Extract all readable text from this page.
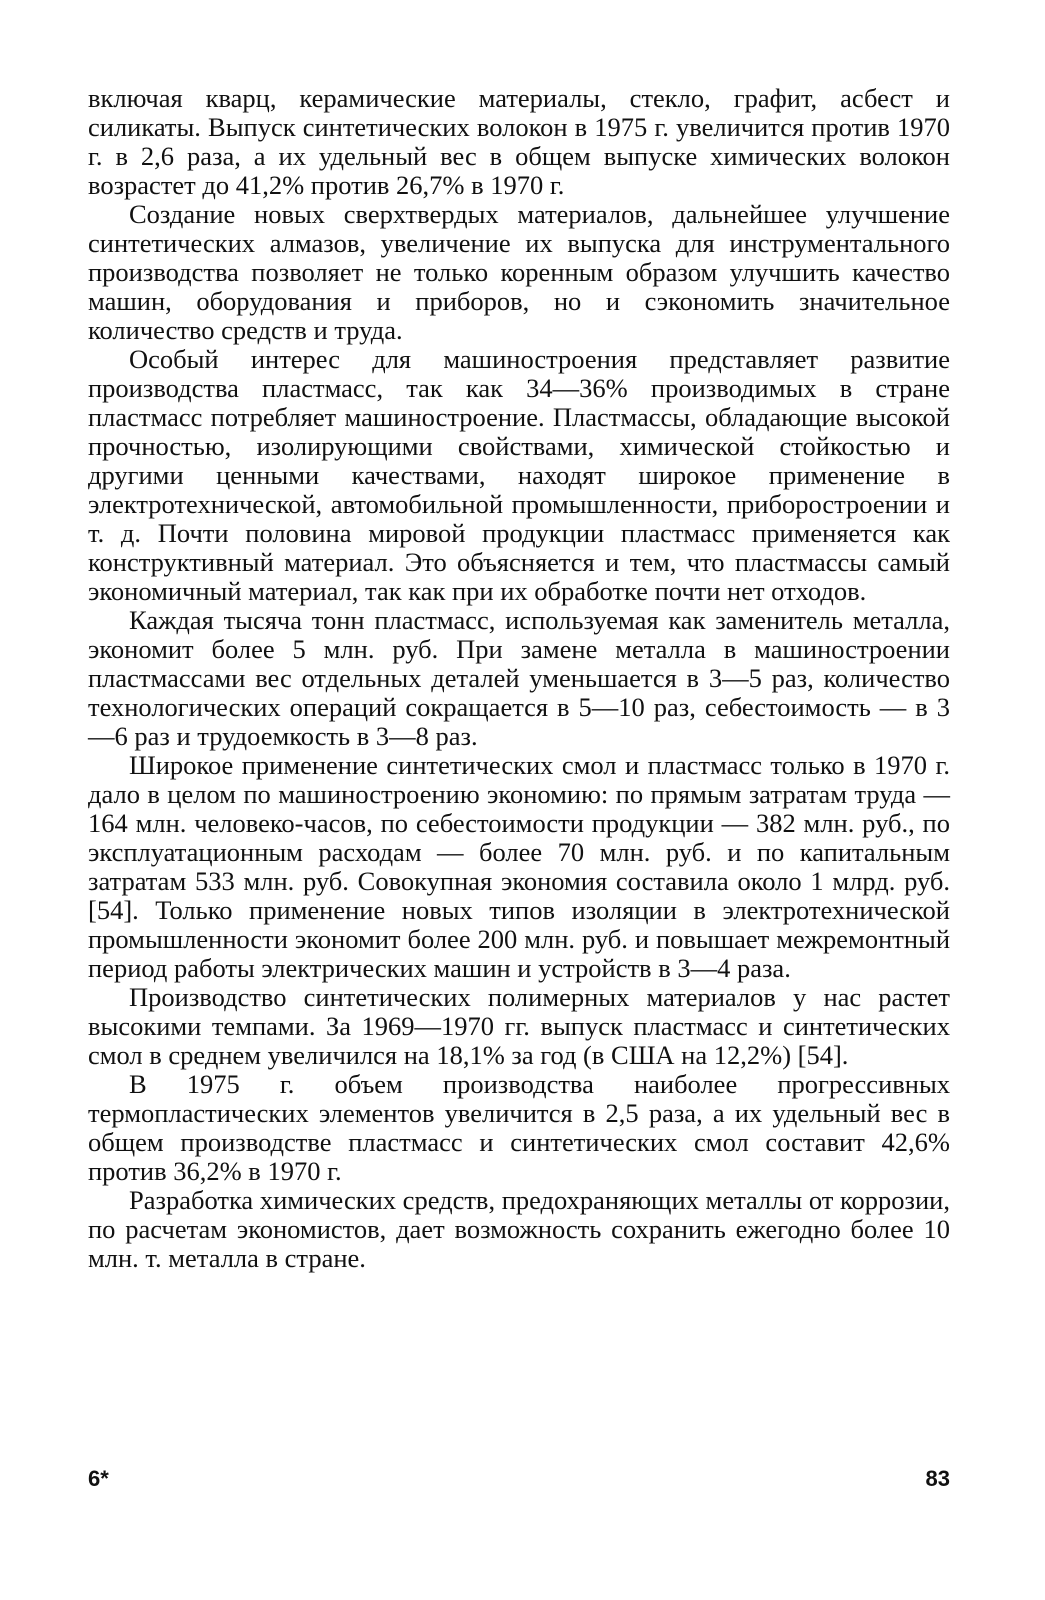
включая кварц, керамические материалы, стекло, графит, асбест и силикаты. Выпуск синтетических волокон в 1975 г. увеличится против 1970 г. в 2,6 раза, а их удельный вес в общем выпуске химических волокон возрастет до 41,2% против 26,7% в 1970 г.

Создание новых сверхтвердых материалов, дальнейшее улучшение синтетических алмазов, увеличение их выпуска для инструментального производства позволяет не только коренным образом улучшить качество машин, оборудования и приборов, но и сэкономить значительное количество средств и труда.

Особый интерес для машиностроения представляет развитие производства пластмасс, так как 34—36% производимых в стране пластмасс потребляет машиностроение. Пластмассы, обладающие высокой прочностью, изолирующими свойствами, химической стойкостью и другими ценными качествами, находят широкое применение в электротехнической, автомобильной промышленности, приборостроении и т. д. Почти половина мировой продукции пластмасс применяется как конструктивный материал. Это объясняется и тем, что пластмассы самый экономичный материал, так как при их обработке почти нет отходов.

Каждая тысяча тонн пластмасс, используемая как заменитель металла, экономит более 5 млн. руб. При замене металла в машиностроении пластмассами вес отдельных деталей уменьшается в 3—5 раз, количество технологических операций сокращается в 5—10 раз, себестоимость — в 3—6 раз и трудоемкость в 3—8 раз.

Широкое применение синтетических смол и пластмасс только в 1970 г. дало в целом по машиностроению экономию: по прямым затратам труда — 164 млн. человеко-часов, по себестоимости продукции — 382 млн. руб., по эксплуатационным расходам — более 70 млн. руб. и по капитальным затратам 533 млн. руб. Совокупная экономия составила около 1 млрд. руб. [54]. Только применение новых типов изоляции в электротехнической промышленности экономит более 200 млн. руб. и повышает межремонтный период работы электрических машин и устройств в 3—4 раза.

Производство синтетических полимерных материалов у нас растет высокими темпами. За 1969—1970 гг. выпуск пластмасс и синтетических смол в среднем увеличился на 18,1% за год (в США на 12,2%) [54].

В 1975 г. объем производства наиболее прогрессивных термопластических элементов увеличится в 2,5 раза, а их удельный вес в общем производстве пластмасс и синтетических смол составит 42,6% против 36,2% в 1970 г.

Разработка химических средств, предохраняющих металлы от коррозии, по расчетам экономистов, дает возможность сохранить ежегодно более 10 млн. т. металла в стране.

6*	83
